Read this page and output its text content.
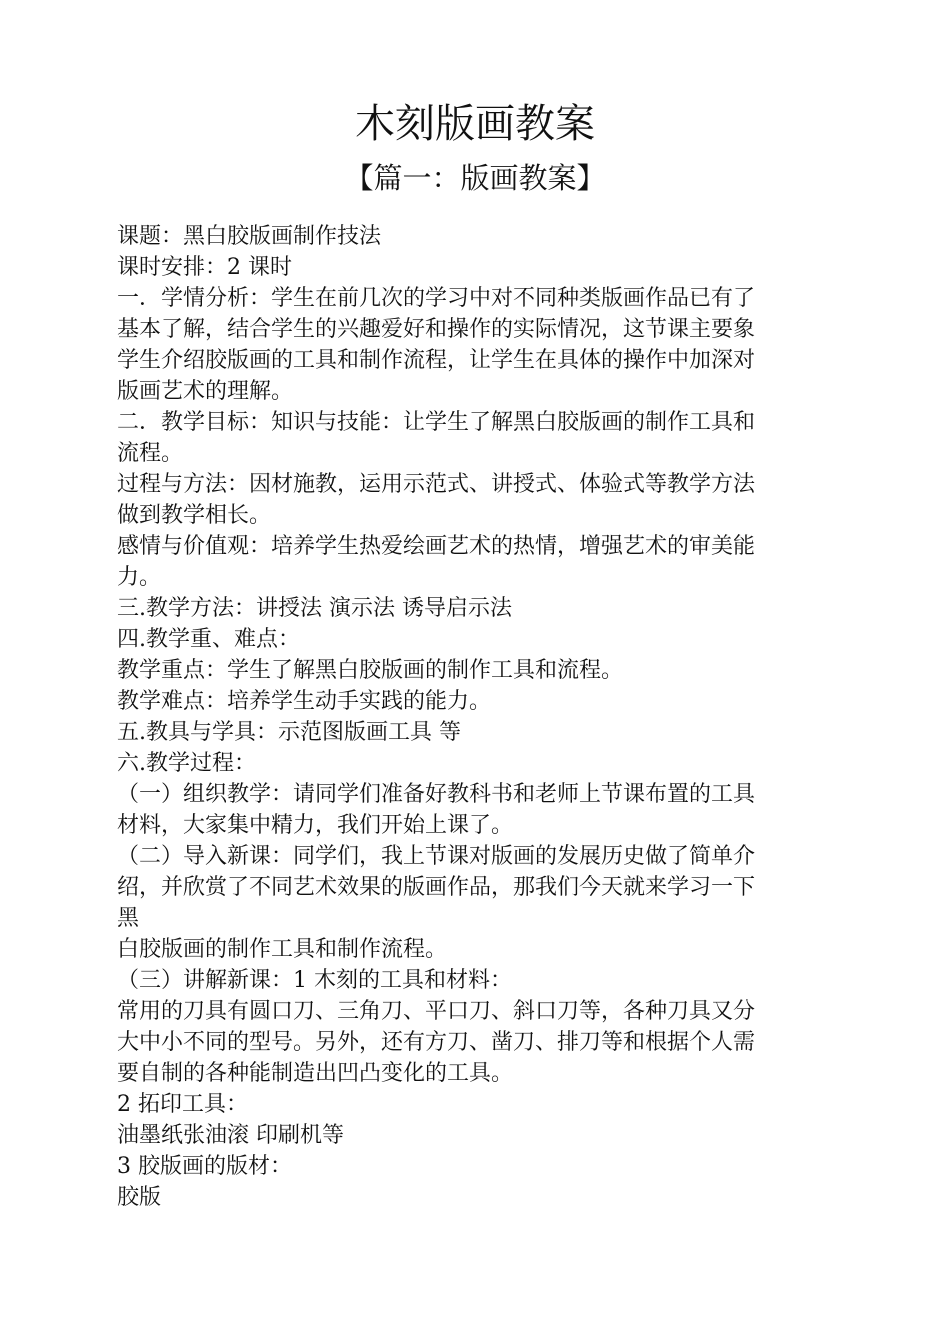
木刻版画教案
【篇一：版画教案】

课题：黑白胶版画制作技法

课时安排：2 课时

一．学情分析：学生在前几次的学习中对不同种类版画作品已有了

基本了解，结合学生的兴趣爱好和操作的实际情况，这节课主要象

学生介绍胶版画的工具和制作流程，让学生在具体的操作中加深对

版画艺术的理解。

二．教学目标：知识与技能：让学生了解黑白胶版画的制作工具和

流程。

过程与方法：因材施教，运用示范式、讲授式、体验式等教学方法

做到教学相长。

感情与价值观：培养学生热爱绘画艺术的热情，增强艺术的审美能

力。

三.教学方法：讲授法 演示法 诱导启示法

四.教学重、难点：

教学重点：学生了解黑白胶版画的制作工具和流程。

教学难点：培养学生动手实践的能力。

五.教具与学具：示范图版画工具 等

六.教学过程：

（一）组织教学：请同学们准备好教科书和老师上节课布置的工具

材料，大家集中精力，我们开始上课了。

（二）导入新课：同学们，我上节课对版画的发展历史做了简单介

绍，并欣赏了不同艺术效果的版画作品，那我们今天就来学习一下

黑

白胶版画的制作工具和制作流程。

（三）讲解新课：1 木刻的工具和材料：

常用的刀具有圆口刀、三角刀、平口刀、斜口刀等，各种刀具又分

大中小不同的型号。另外，还有方刀、凿刀、排刀等和根据个人需

要自制的各种能制造出凹凸变化的工具。

2 拓印工具：

油墨纸张油滚 印刷机等

3 胶版画的版材：

胶版
